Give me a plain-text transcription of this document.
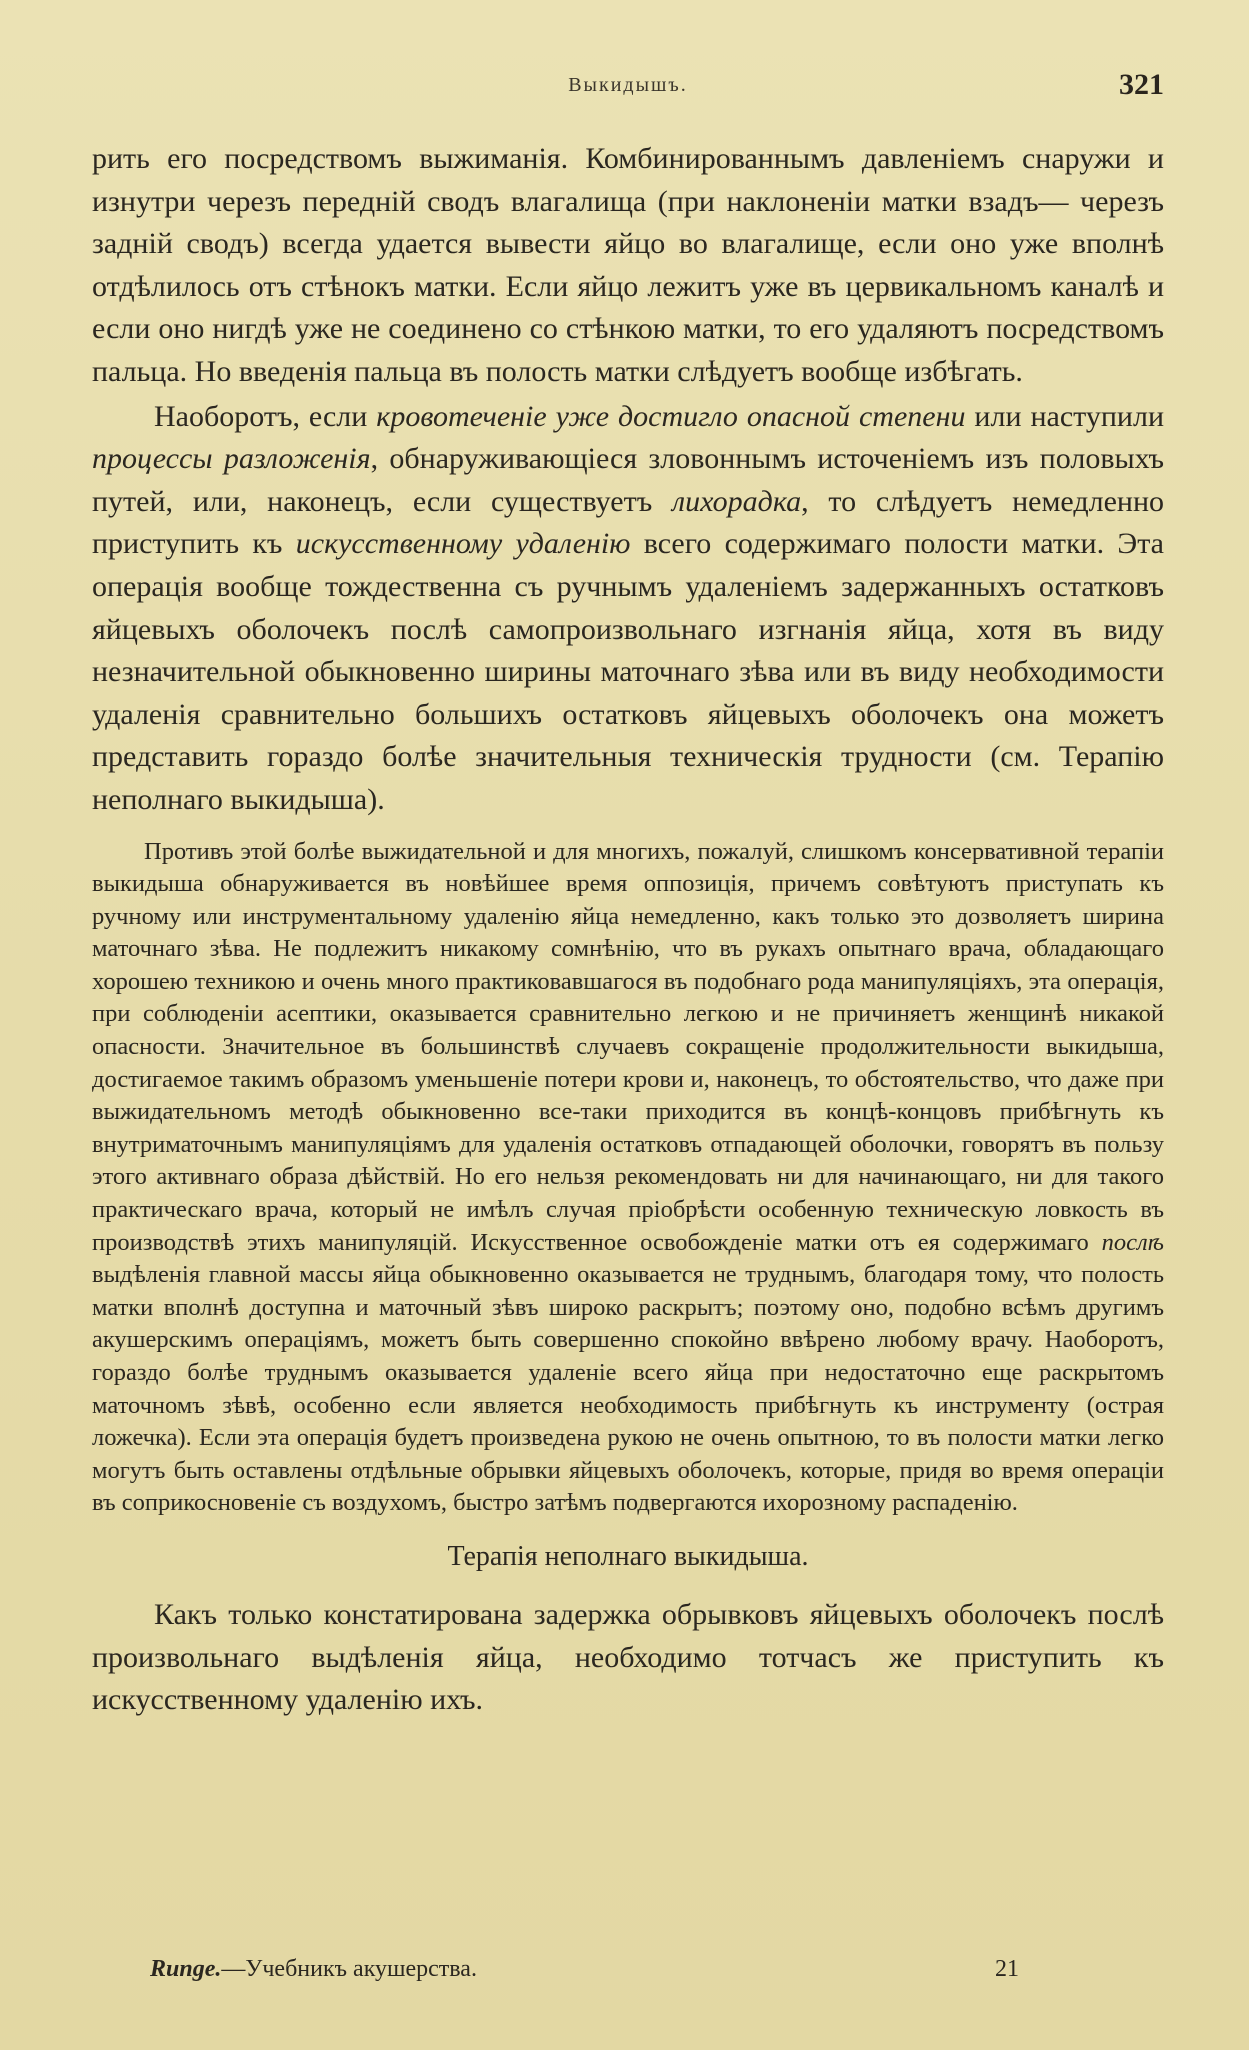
Выкидышъ.	321

рить его посредствомъ выжиманія. Комбинированнымъ давленіемъ снаружи и изнутри черезъ передній сводъ влагалища (при наклоненіи матки взадъ— черезъ задній сводъ) всегда удается вывести яйцо во влагалище, если оно уже вполнѣ отдѣлилось отъ стѣнокъ матки. Если яйцо лежитъ уже въ цервикальномъ каналѣ и если оно нигдѣ уже не соединено со стѣнкою матки, то его удаляютъ посредствомъ пальца. Но введенія пальца въ полость матки слѣдуетъ вообще избѣгать.

Наоборотъ, если кровотеченіе уже достигло опасной степени или наступили процессы разложенія, обнаруживающіеся зловоннымъ источеніемъ изъ половыхъ путей, или, наконецъ, если существуетъ лихорадка, то слѣдуетъ немедленно приступить къ искусственному удаленію всего содержимаго полости матки. Эта операція вообще тождественна съ ручнымъ удаленіемъ задержанныхъ остатковъ яйцевыхъ оболочекъ послѣ самопроизвольнаго изгнанія яйца, хотя въ виду незначительной обыкновенно ширины маточнаго зѣва или въ виду необходимости удаленія сравнительно большихъ остатковъ яйцевыхъ оболочекъ она можетъ представить гораздо болѣе значительныя техническія трудности (см. Терапію неполнаго выкидыша).

Противъ этой болѣе выжидательной и для многихъ, пожалуй, слишкомъ консервативной терапіи выкидыша обнаруживается въ новѣйшее время оппозиція, причемъ совѣтуютъ приступать къ ручному или инструментальному удаленію яйца немедленно, какъ только это дозволяетъ ширина маточнаго зѣва. Не подлежитъ никакому сомнѣнію, что въ рукахъ опытнаго врача, обладающаго хорошею техникою и очень много практиковавшагося въ подобнаго рода манипуляціяхъ, эта операція, при соблюденіи асептики, оказывается сравнительно легкою и не причиняетъ женщинѣ никакой опасности. Значительное въ большинствѣ случаевъ сокращеніе продолжительности выкидыша, достигаемое такимъ образомъ уменьшеніе потери крови и, наконецъ, то обстоятельство, что даже при выжидательномъ методѣ обыкновенно все-таки приходится въ концѣ-концовъ прибѣгнуть къ внутриматочнымъ манипуляціямъ для удаленія остатковъ отпадающей оболочки, говорятъ въ пользу этого активнаго образа дѣйствій. Но его нельзя рекомендовать ни для начинающаго, ни для такого практическаго врача, который не имѣлъ случая пріобрѣсти особенную техническую ловкость въ производствѣ этихъ манипуляцій. Искусственное освобожденіе матки отъ ея содержимаго послѣ выдѣленія главной массы яйца обыкновенно оказывается не труднымъ, благодаря тому, что полость матки вполнѣ доступна и маточный зѣвъ широко раскрытъ; поэтому оно, подобно всѣмъ другимъ акушерскимъ операціямъ, можетъ быть совершенно спокойно ввѣрено любому врачу. Наоборотъ, гораздо болѣе труднымъ оказывается удаленіе всего яйца при недостаточно еще раскрытомъ маточномъ зѣвѣ, особенно если является необходимость прибѣгнуть къ инструменту (острая ложечка). Если эта операція будетъ произведена рукою не очень опытною, то въ полости матки легко могутъ быть оставлены отдѣльные обрывки яйцевыхъ оболочекъ, которые, придя во время операціи въ соприкосновеніе съ воздухомъ, быстро затѣмъ подвергаются ихорозному распаденію.

Терапія неполнаго выкидыша.

Какъ только констатирована задержка обрывковъ яйцевыхъ оболочекъ послѣ произвольнаго выдѣленія яйца, необходимо тотчасъ же приступить къ искусственному удаленію ихъ.

Runge.—Учебникъ акушерства.	21
